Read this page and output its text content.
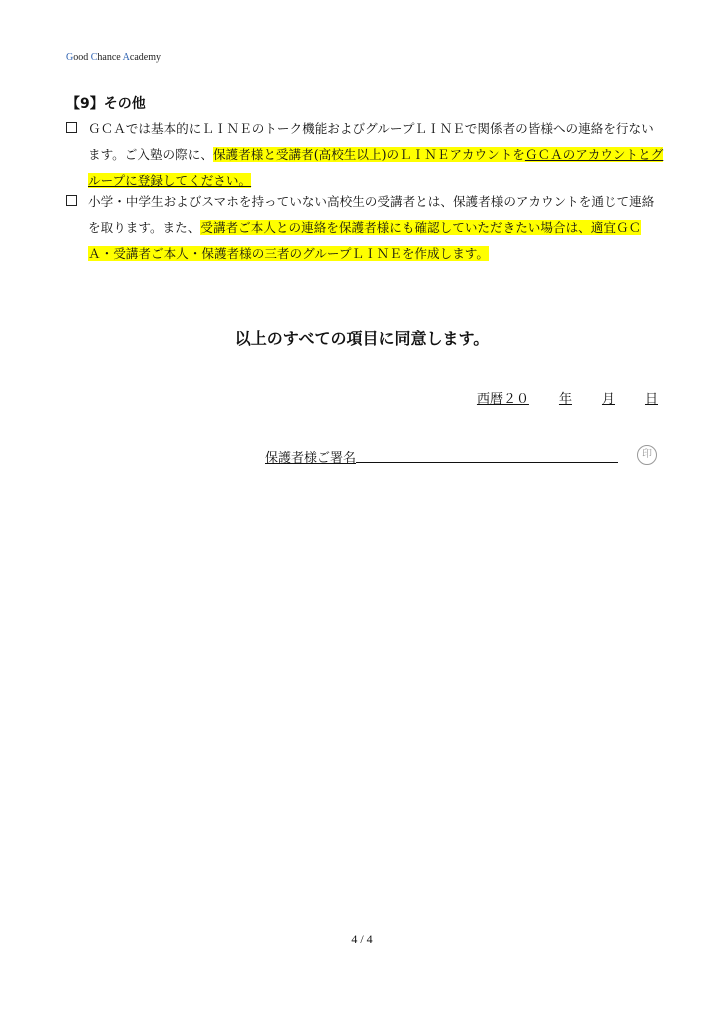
Good Chance Academy
【9】その他
ＧＣＡでは基本的にＬＩＮＥのトーク機能およびグループＬＩＮＥで関係者の皆様への連絡を行ないます。ご入塾の際に、保護者様と受講者(高校生以上)のＬＩＮＥアカウントをＧＣＡのアカウントとグループに登録してください。
小学・中学生およびスマホを持っていない高校生の受講者とは、保護者様のアカウントを通じて連絡を取ります。また、受講者ご本人との連絡を保護者様にも確認していただきたい場合は、適宜ＧＣＡ・受講者ご本人・保護者様の三者のグループＬＩＮＥを作成します。
以上のすべての項目に同意します。
西暦２０ 年 月 日
保護者様ご署名	印
4 / 4
